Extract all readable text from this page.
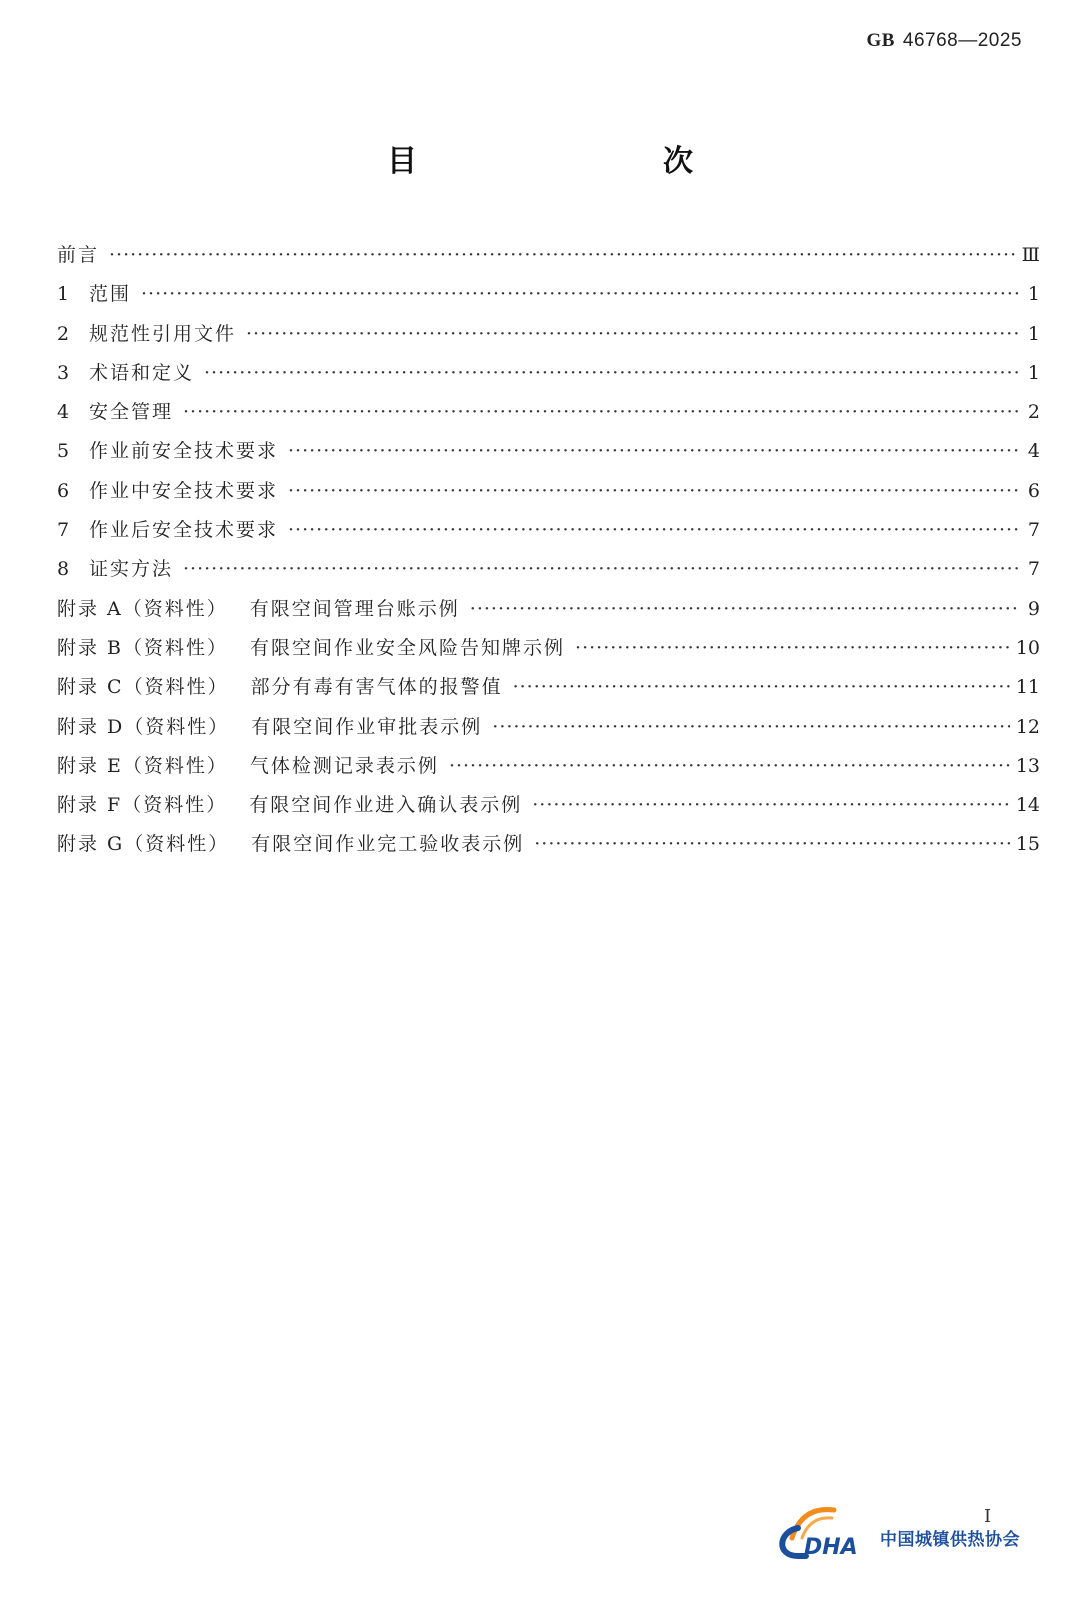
GB 46768—2025
目　　次
前言 ·····	Ⅲ
1 范围 ·····	1
2 规范性引用文件 ·····	1
3 术语和定义 ·····	1
4 安全管理 ·····	2
5 作业前安全技术要求 ·····	4
6 作业中安全技术要求 ·····	6
7 作业后安全技术要求 ·····	7
8 证实方法 ·····	7
附录 A（资料性） 有限空间管理台账示例 ·····	9
附录 B（资料性） 有限空间作业安全风险告知牌示例 ·····	10
附录 C（资料性） 部分有毒有害气体的报警值 ·····	11
附录 D（资料性） 有限空间作业审批表示例 ·····	12
附录 E（资料性） 气体检测记录表示例 ·····	13
附录 F（资料性） 有限空间作业进入确认表示例 ·····	14
附录 G（资料性） 有限空间作业完工验收表示例 ·····	15
Ⅰ
DHA 中国城镇供热协会
